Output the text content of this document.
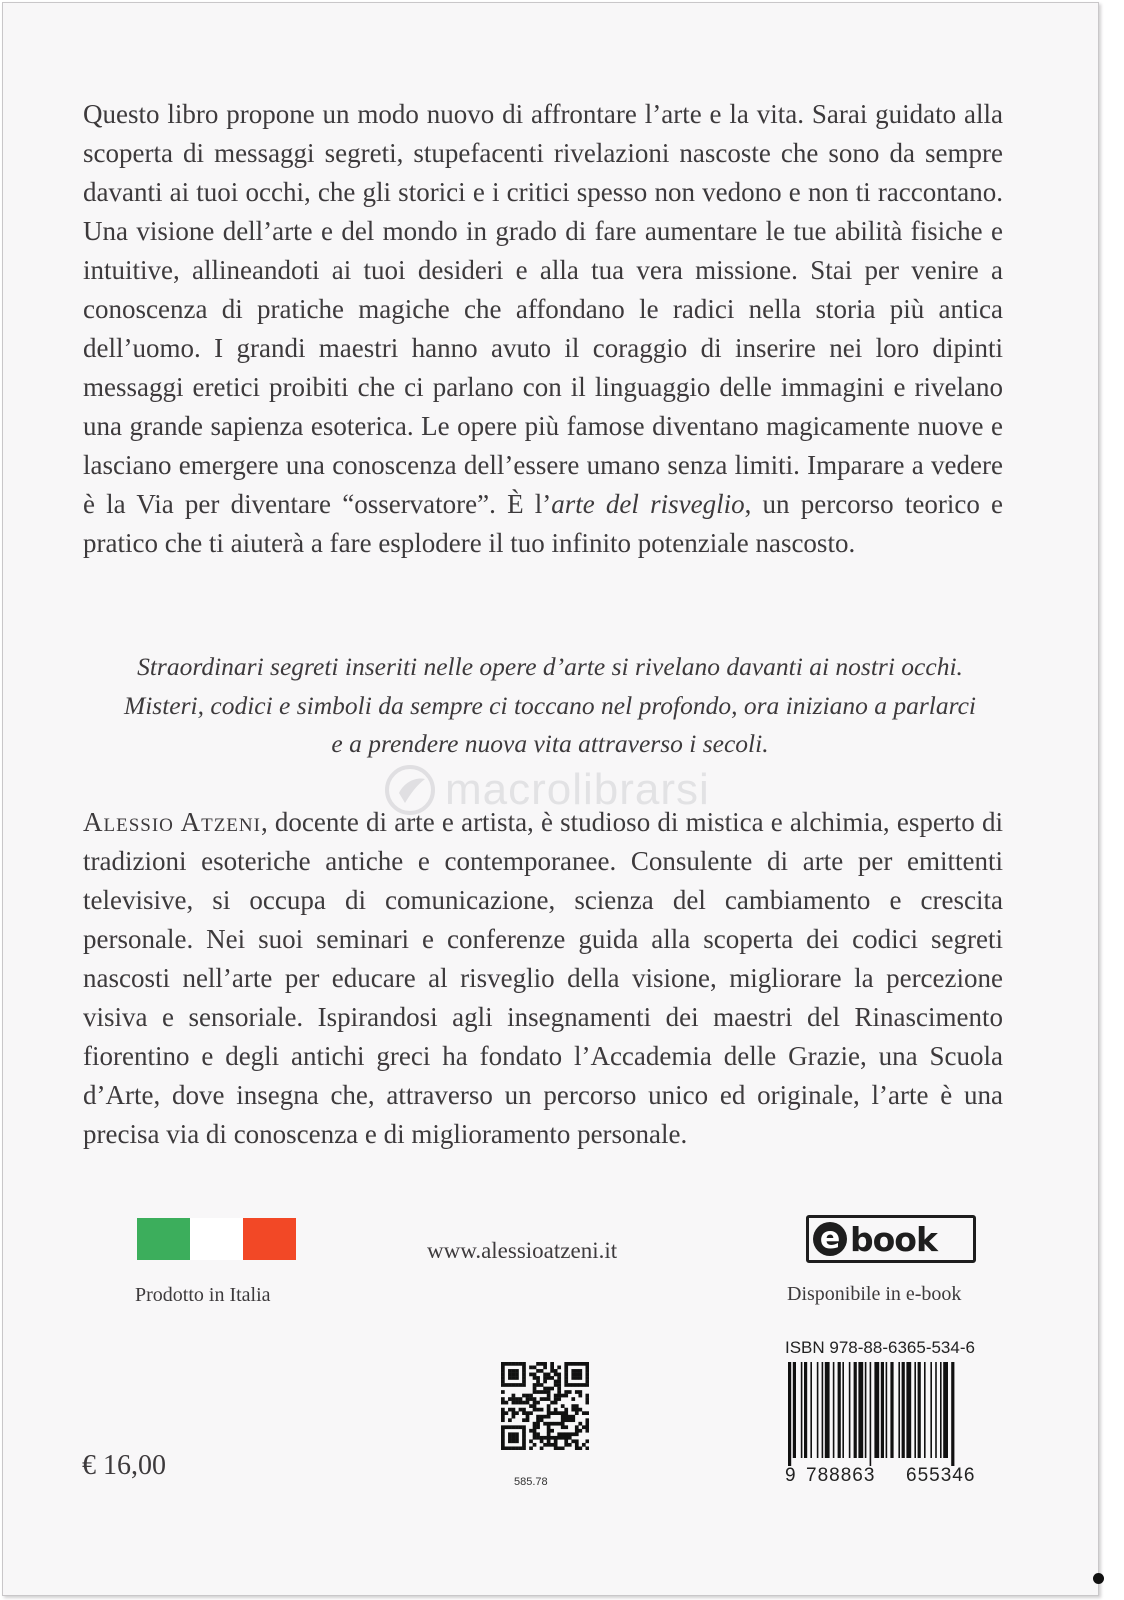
Questo libro propone un modo nuovo di affrontare l’arte e la vita. Sarai guidato alla scoperta di messaggi segreti, stupefacenti rivelazioni nascoste che sono da sempre davanti ai tuoi occhi, che gli storici e i critici spesso non vedono e non ti raccontano. Una visione dell’arte e del mondo in grado di fare aumentare le tue abilità fisiche e intuitive, allineandoti ai tuoi desideri e alla tua vera missione. Stai per venire a conoscenza di pratiche magiche che affondano le radici nella storia più antica dell’uomo. I grandi maestri hanno avuto il coraggio di inserire nei loro dipinti messaggi eretici proibiti che ci parlano con il linguaggio delle immagini e rivelano una grande sapienza esoterica. Le opere più famose diventano magicamente nuove e lasciano emergere una conoscenza dell’essere umano senza limiti. Imparare a vedere è la Via per diventare “osservatore”. È l’arte del risveglio, un percorso teorico e pratico che ti aiuterà a fare esplodere il tuo infinito potenziale nascosto.
Straordinari segreti inseriti nelle opere d’arte si rivelano davanti ai nostri occhi.
Misteri, codici e simboli da sempre ci toccano nel profondo, ora iniziano a parlarci
e a prendere nuova vita attraverso i secoli.
macrolibrarsi
Alessio Atzeni, docente di arte e artista, è studioso di mistica e alchimia, esperto di tradizioni esoteriche antiche e contemporanee. Consulente di arte per emittenti televisive, si occupa di comunicazione, scienza del cambiamento e crescita personale. Nei suoi seminari e conferenze guida alla scoperta dei codici segreti nascosti nell’arte per educare al risveglio della visione, migliorare la percezione visiva e sensoriale. Ispirandosi agli insegnamenti dei maestri del Rinascimento fiorentino e degli antichi greci ha fondato l’Accademia delle Grazie, una Scuola d’Arte, dove insegna che, attraverso un percorso unico ed originale, l’arte è una precisa via di conoscenza e di miglioramento personale.
Prodotto in Italia
www.alessioatzeni.it	e book
Disponibile in e-book
ISBN 978-88-6365-534-6
9 788863 655346
585.78
€ 16,00
